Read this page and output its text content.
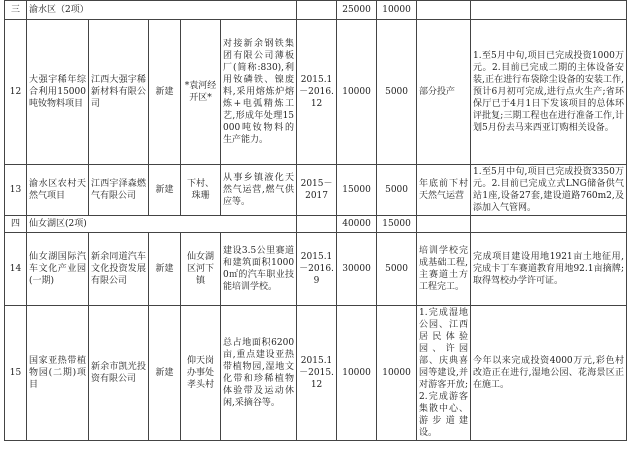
三	渝水区（2项）						25000	10000		
12	大强宇稀年综合利用15000吨钕物料项目	江西大强宇稀新材料有限公司	新建	*袁河经开区*	对接新余钢铁集团有限公司薄板厂(简称:830),利用钕磷铁、镍废料,采用熔炼炉熔炼+电弧精炼工艺,形成年处理15000吨钕物料的生产能力。	2015.1－2016.12	10000	5000	部分投产	1.至5月中旬,项目已完成投资1000万元。2.目前已完成二期的主体设备安装,正在进行布袋除尘设备的安装工作,预计6月初可完成,进行点火生产;省环保厅已于4月1日下发该项目的总体环评批复;三期工程也在进行准备工作,计划5月份去马来西亚订购相关设备。
13	渝水区农村天然气项目	江西宇泽森燃气有限公司	新建	下村、珠珊	从事乡镇液化天然气运营,燃气供应等。	2015－2017	15000	5000	年底前下村天然气运营	1.至5月中旬,项目已完成投资3350万元。2.目前已完成立式LNG储备供气站1座,设备27套,建设道路760m2,及添加入气管网。
四	仙女湖区(2项)						40000	15000		
14	仙女湖国际汽车文化产业园(一期)	新余同道汽车文化投资发展有限公司	新建	仙女湖区河下镇	建设3.5公里赛道和建筑面积10000㎡的汽车职业技能培训学校。	2015.1－2016.9	30000	5000	培训学校完成基础工程,主赛道土方工程完工。	完成项目建设用地1921亩土地征用,完成卡丁车赛道教育用地92.1亩摘牌;取得驾校办学许可证。
15	国家亚热带植物园(二期)项目	新余市凯光投资有限公司	新建	仰天岗办事处孝头村	总占地面积6200亩,重点建设亚热带植物园,湿地文化带和珍稀植物体验带及运动休闲,采摘谷等。	2015.1－2015.12	10000	10000	1.完成湿地公园、江西居民体验园、许园部、庆典喜园等建设,并对游客开放;2.完成游客集散中心、游步道建设。	今年以来完成投资4000万元,彩色村改造正在进行,湿地公园、花海景区正在施工。
